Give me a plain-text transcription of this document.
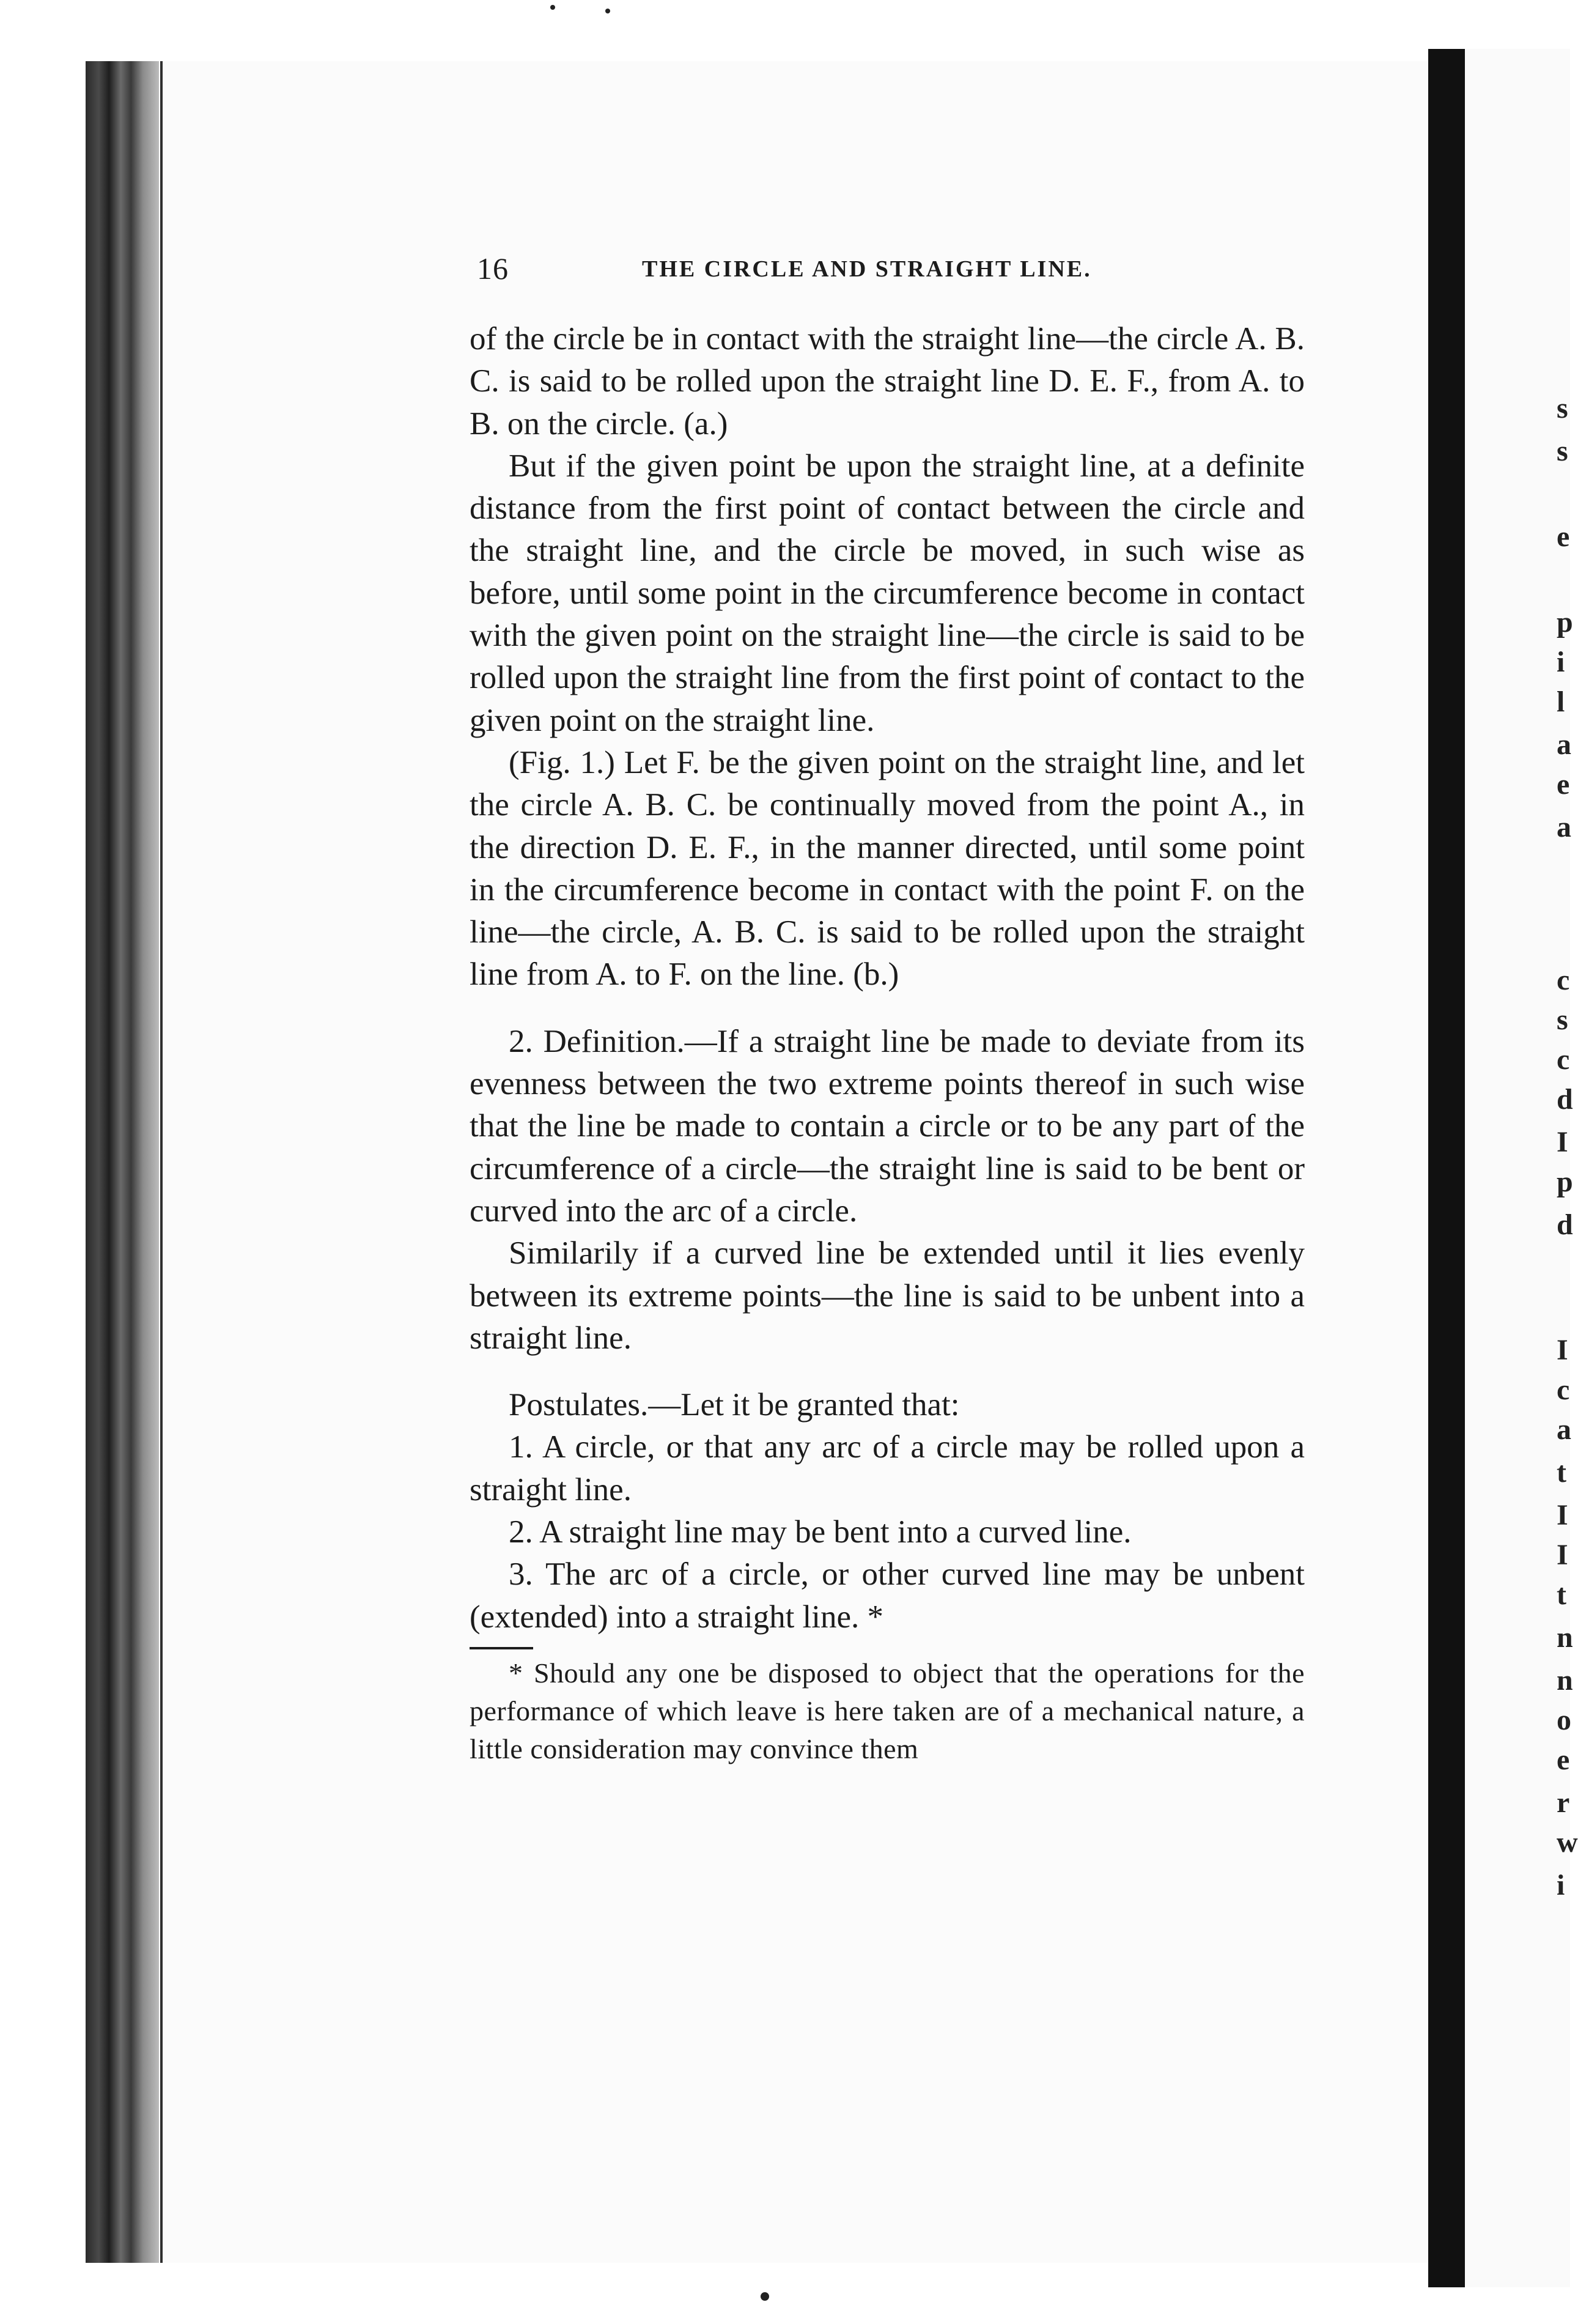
s
s
e
p
i
l
a
e
a
c
s
c
d
I
p
d
I
c
a
t
I
I
t
n
n
o
e
r
w
i
16	THE CIRCLE AND STRAIGHT LINE.

of the circle be in contact with the straight line—the circle A. B. C. is said to be rolled upon the straight line D. E. F., from A. to B. on the circle. (a.)

But if the given point be upon the straight line, at a definite distance from the first point of contact between the circle and the straight line, and the circle be moved, in such wise as before, until some point in the circumference become in contact with the given point on the straight line—the circle is said to be rolled upon the straight line from the first point of contact to the given point on the straight line.

(Fig. 1.) Let F. be the given point on the straight line, and let the circle A. B. C. be continually moved from the point A., in the direction D. E. F., in the manner directed, until some point in the circumference become in contact with the point F. on the line—the circle, A. B. C. is said to be rolled upon the straight line from A. to F. on the line. (b.)

2. Definition.—If a straight line be made to deviate from its evenness between the two extreme points thereof in such wise that the line be made to contain a circle or to be any part of the circumference of a circle—the straight line is said to be bent or curved into the arc of a circle.

Similarily if a curved line be extended until it lies evenly between its extreme points—the line is said to be unbent into a straight line.

Postulates.—Let it be granted that:

1. A circle, or that any arc of a circle may be rolled upon a straight line.

2. A straight line may be bent into a curved line.

3. The arc of a circle, or other curved line may be unbent (extended) into a straight line. *

* Should any one be disposed to object that the operations for the performance of which leave is here taken are of a mechanical nature, a little consideration may convince them
